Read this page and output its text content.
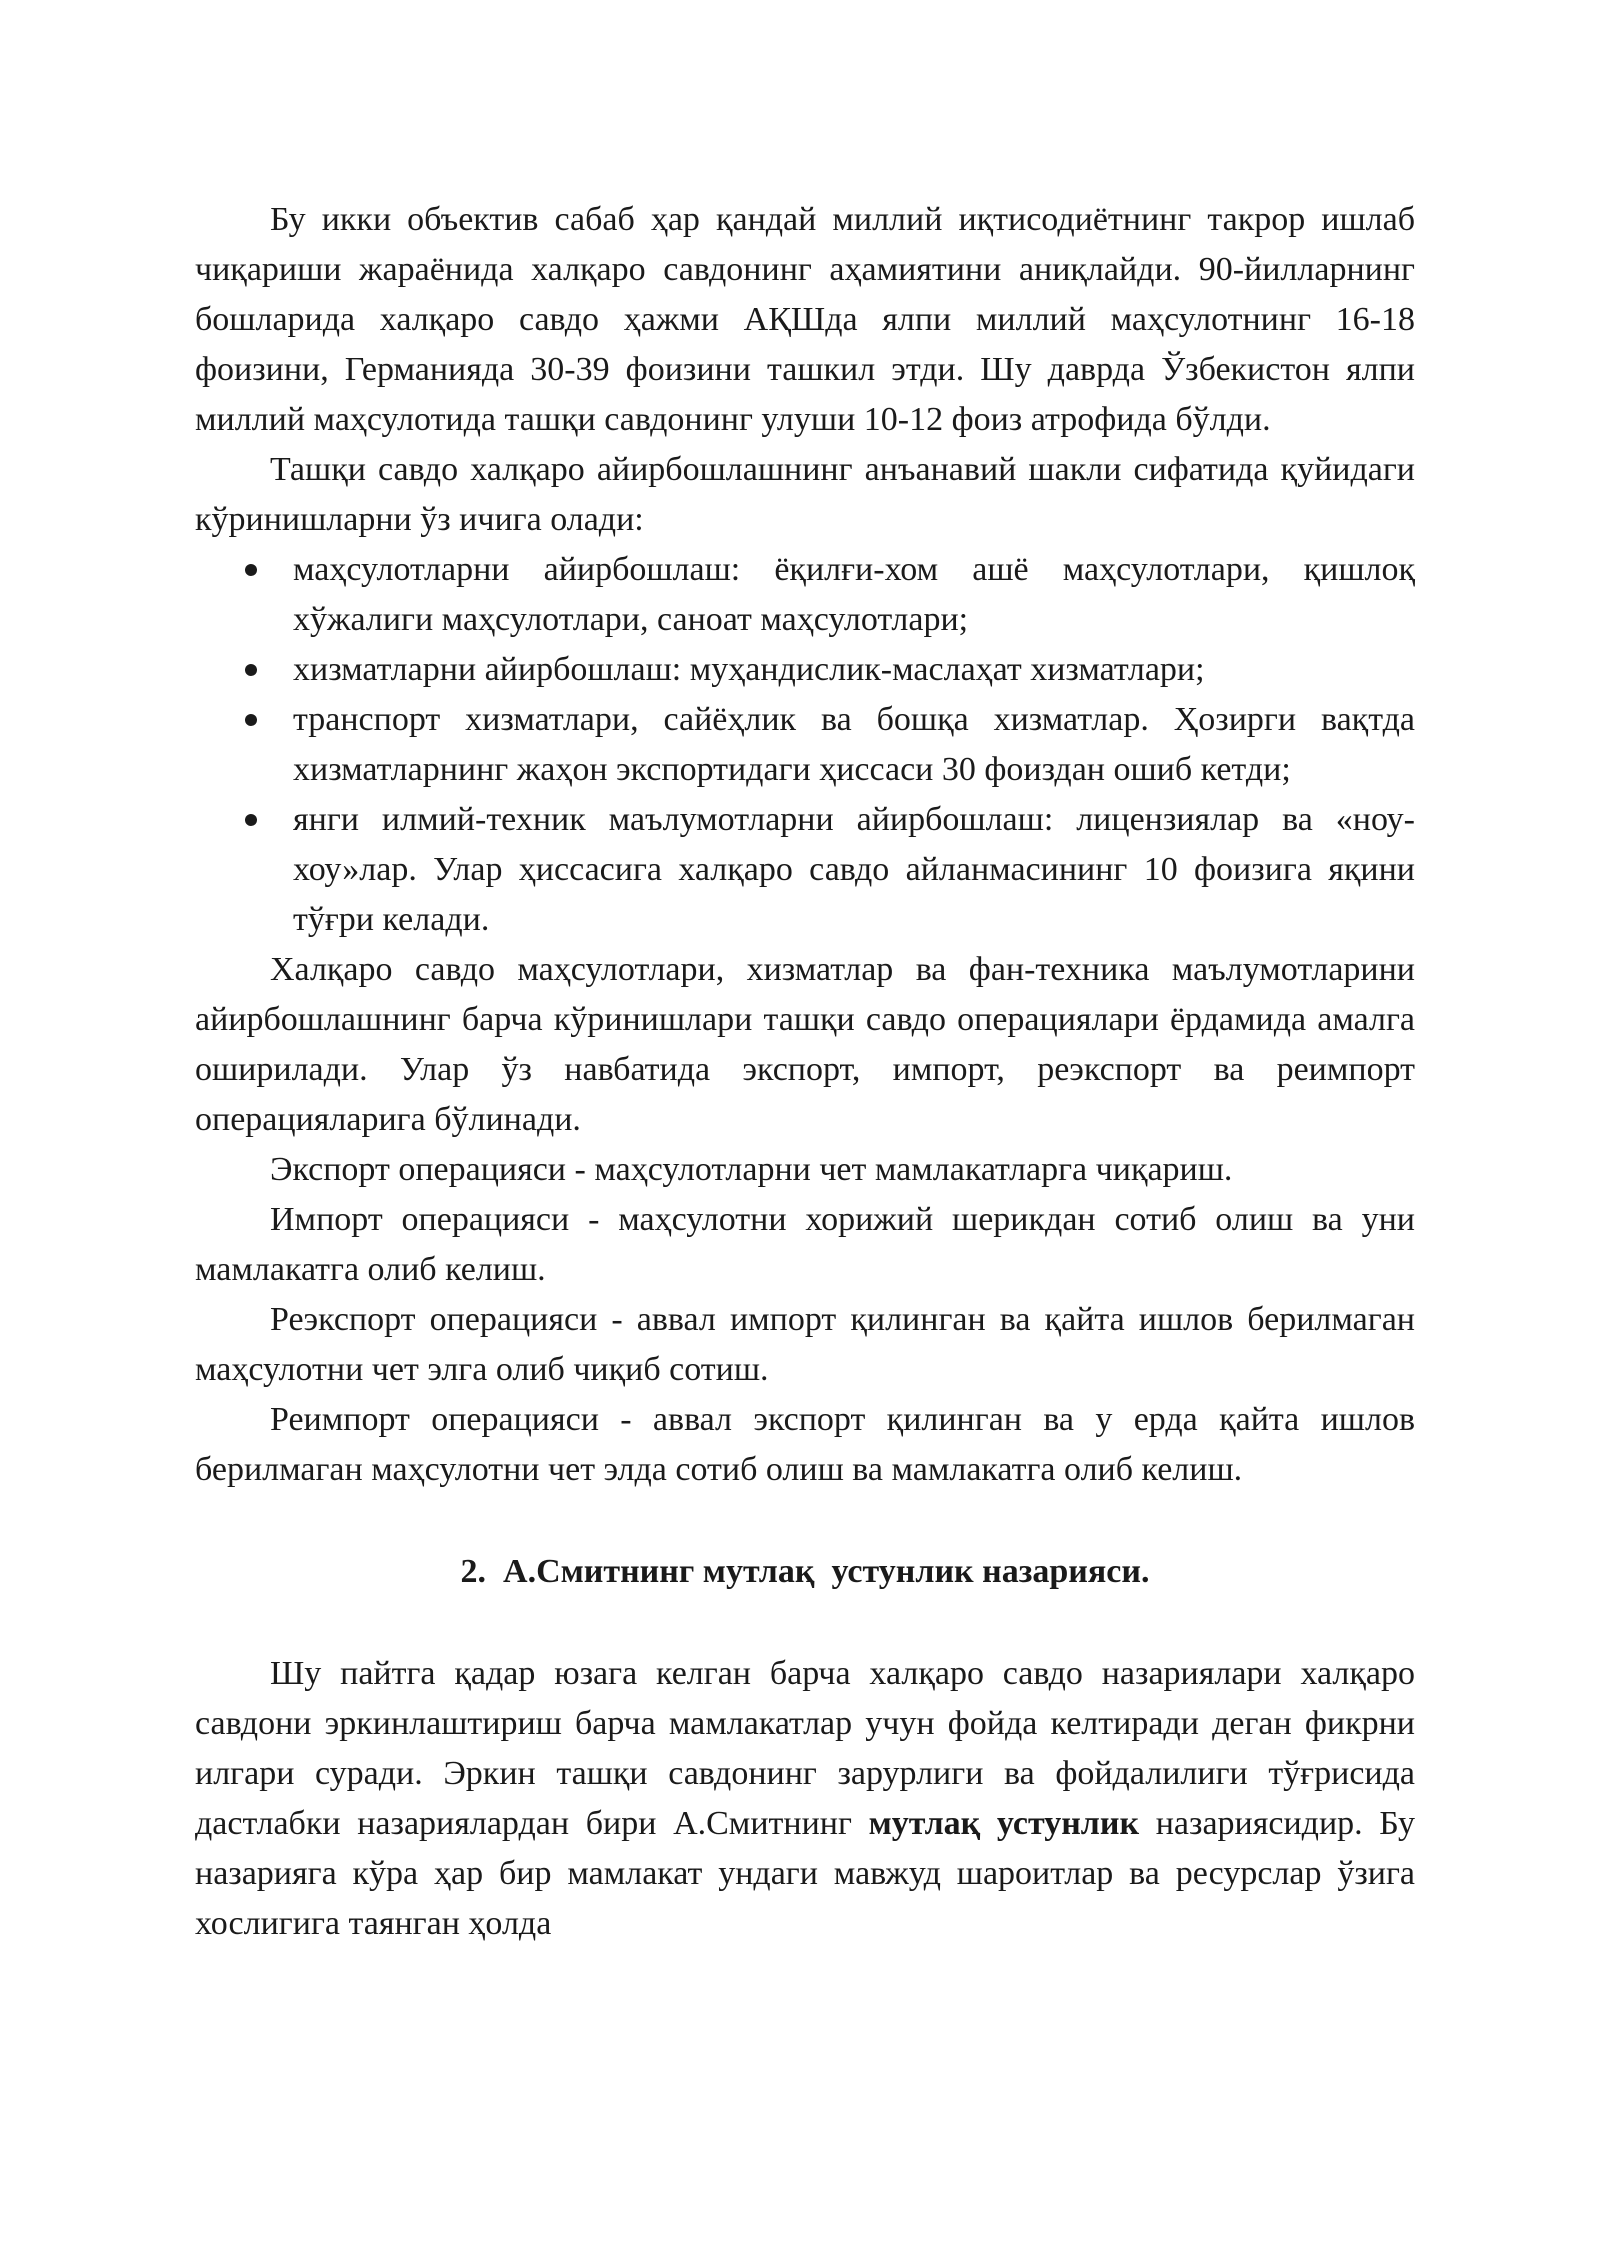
Бу икки объектив сабаб ҳар қандай миллий иқтисодиётнинг такрор ишлаб чиқариши жараёнида халқаро савдонинг аҳамиятини аниқлайди. 90-йилларнинг бошларида халқаро савдо ҳажми АҚШда ялпи миллий маҳсулотнинг 16-18 фоизини, Германияда 30-39 фоизини ташкил этди. Шу даврда Ўзбекистон ялпи миллий маҳсулотида ташқи савдонинг улуши 10-12 фоиз атрофида бўлди.

Ташқи савдо халқаро айирбошлашнинг анъанавий шакли сифатида қуйидаги кўринишларни ўз ичига олади:

маҳсулотларни айирбошлаш: ёқилғи-хом ашё маҳсулотлари, қишлоқ хўжалиги маҳсулотлари, саноат маҳсулотлари;
хизматларни айирбошлаш: муҳандислик-маслаҳат хизматлари;
транспорт хизматлари, сайёҳлик ва бошқа хизматлар. Ҳозирги вақтда хизматларнинг жаҳон экспортидаги ҳиссаси 30 фоиздан ошиб кетди;
янги илмий-техник маълумотларни айирбошлаш: лицензиялар ва «ноу-хоу»лар. Улар ҳиссасига халқаро савдо айланмасининг 10 фоизига яқини тўғри келади.

Халқаро савдо маҳсулотлари, хизматлар ва фан-техника маълумотларини айирбошлашнинг барча кўринишлари ташқи савдо операциялари ёрдамида амалга оширилади. Улар ўз навбатида экспорт, импорт, реэкспорт ва реимпорт операцияларига бўлинади.

Экспорт операцияси - маҳсулотларни чет мамлакатларга чиқариш.

Импорт операцияси - маҳсулотни хорижий шерикдан сотиб олиш ва уни мамлакатга олиб келиш.

Реэкспорт операцияси - аввал импорт қилинган ва қайта ишлов берилмаган маҳсулотни чет элга олиб чиқиб сотиш.

Реимпорт операцияси - аввал экспорт қилинган ва у ерда қайта ишлов берилмаган маҳсулотни чет элда сотиб олиш ва мамлакатга олиб келиш.

2. А.Смитнинг мутлақ  устунлик назарияси.

Шу пайтга қадар юзага келган барча халқаро савдо назариялари халқаро савдони эркинлаштириш барча мамлакатлар учун фойда келтиради деган фикрни илгари суради. Эркин ташқи савдонинг зарурлиги ва фойдалилиги тўғрисида дастлабки назариялардан бири А.Смитнинг мутлақ устунлик назариясидир. Бу назарияга кўра ҳар бир мамлакат ундаги мавжуд шароитлар ва ресурслар ўзига хослигига таянган ҳолда
